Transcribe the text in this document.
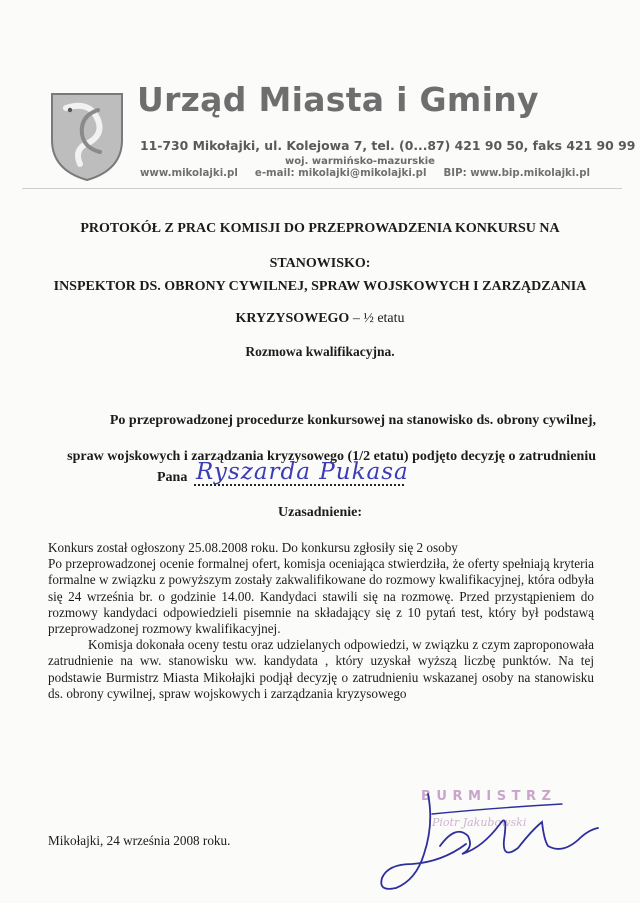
Urząd Miasta i Gminy
11-730 Mikołajki, ul. Kolejowa 7, tel. (0...87) 421 90 50, faks 421 90 99
woj. warmińsko-mazurskie
www.mikolajki.pl e-mail: mikolajki@mikolajki.pl BIP: www.bip.mikolajki.pl
PROTOKÓŁ Z PRAC KOMISJI DO PRZEPROWADZENIA KONKURSU NA
STANOWISKO:
INSPEKTOR DS. OBRONY CYWILNEJ, SPRAW WOJSKOWYCH I ZARZĄDZANIA
KRYZYSOWEGO – ½ etatu
Rozmowa kwalifikacyjna.
Po przeprowadzonej procedurze konkursowej na stanowisko ds. obrony cywilnej,
spraw wojskowych i zarządzania kryzysowego (1/2 etatu) podjęto decyzję o zatrudnieniu
Pana Ryszarda Pukasa
Uzasadnienie:

Konkurs został ogłoszony 25.08.2008 roku. Do konkursu zgłosiły się 2 osoby

Po przeprowadzonej ocenie formalnej ofert, komisja oceniająca stwierdziła, że oferty spełniają kryteria formalne w związku z powyższym zostały zakwalifikowane do rozmowy kwalifikacyjnej, która odbyła się 24 września br. o godzinie 14.00. Kandydaci stawili się na rozmowę. Przed przystąpieniem do rozmowy kandydaci odpowiedzieli pisemnie na składający się z 10 pytań test, który był podstawą przeprowadzonej rozmowy kwalifikacyjnej.

Komisja dokonała oceny testu oraz udzielanych odpowiedzi, w związku z czym zaproponowała zatrudnienie na ww. stanowisku ww. kandydata , który uzyskał wyższą liczbę punktów. Na tej podstawie Burmistrz Miasta Mikołajki podjął decyzję o zatrudnieniu wskazanej osoby na stanowisku ds. obrony cywilnej, spraw wojskowych i zarządzania kryzysowego

BURMISTRZ
Piotr Jakubowski
Mikołajki, 24 września 2008 roku.
